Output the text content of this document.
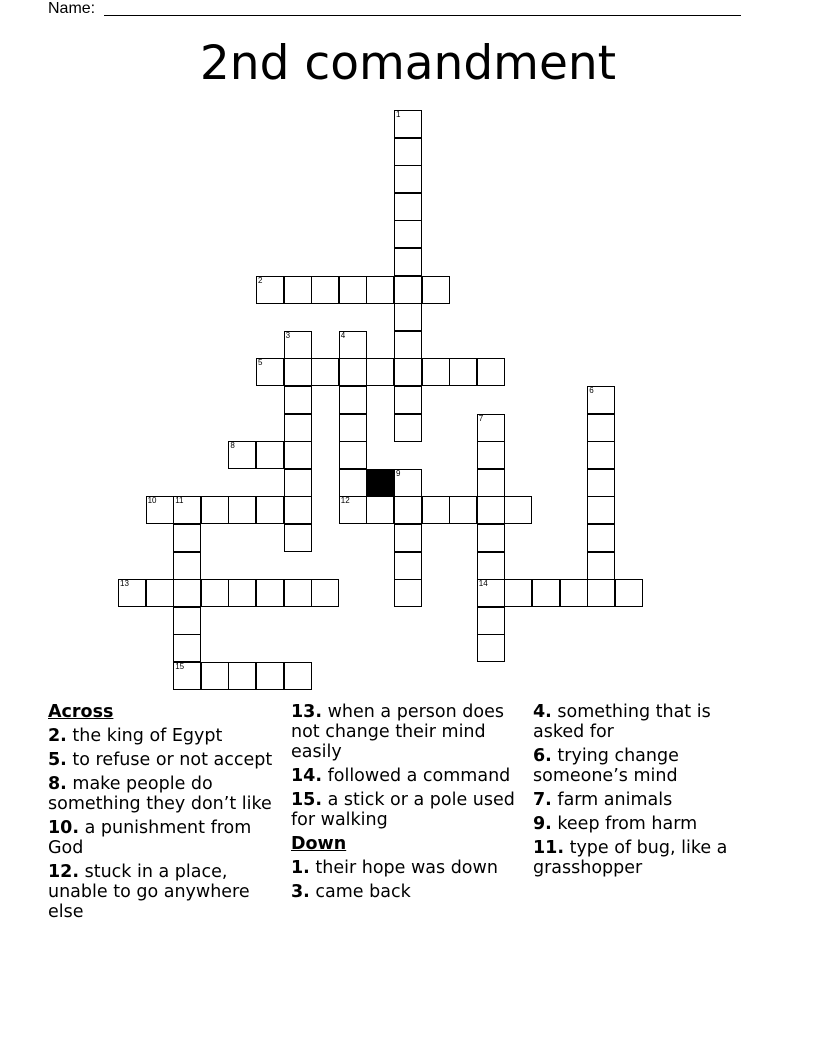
Name:
2nd comandment
1
2
3	4
5
6
7
14
8
9
10 11
15
12
13
Across
2. the king of Egypt
5. to refuse or not accept
8. make people do something they don’t like
10. a punishment from God
12. stuck in a place, unable to go anywhere else
13. when a person does not change their mind easily
14. followed a command
15. a stick or a pole used for walking
Down
1. their hope was down
3. came back
4. something that is asked for
6. trying change someone’s mind
7. farm animals
9. keep from harm
11. type of bug, like a grasshopper
